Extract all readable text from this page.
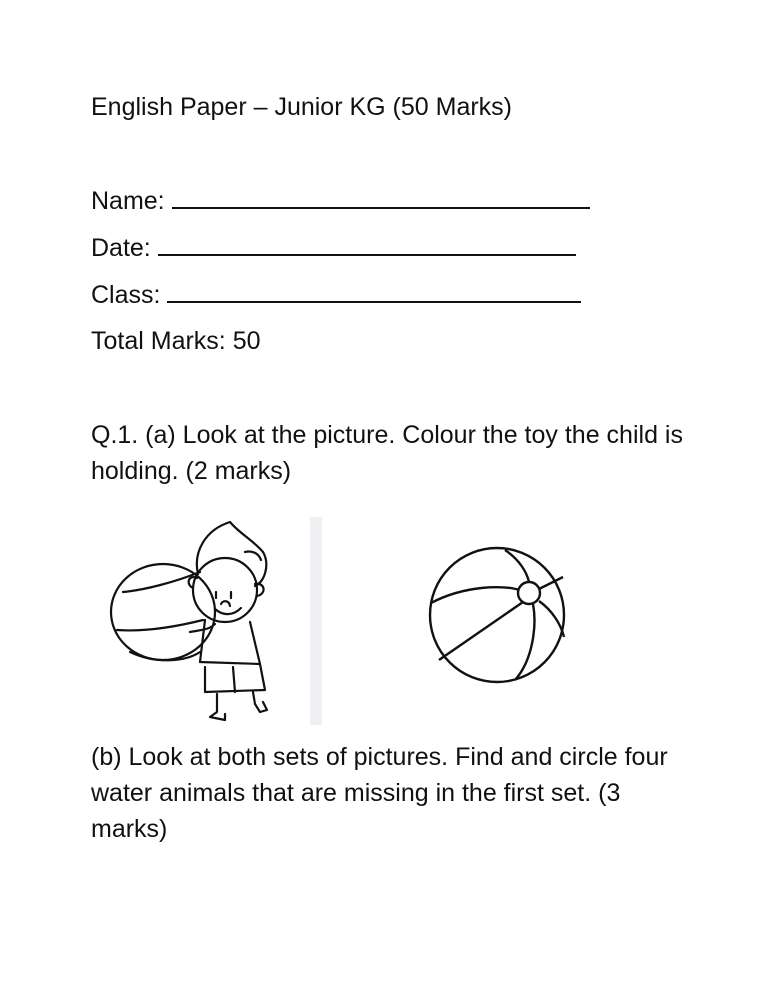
English Paper – Junior KG (50 Marks)
Name:
Date:
Class:
Total Marks: 50
Q.1. (a) Look at the picture. Colour the toy the child is holding. (2 marks)
(b) Look at both sets of pictures. Find and circle four water animals that are missing in the first set. (3 marks)
